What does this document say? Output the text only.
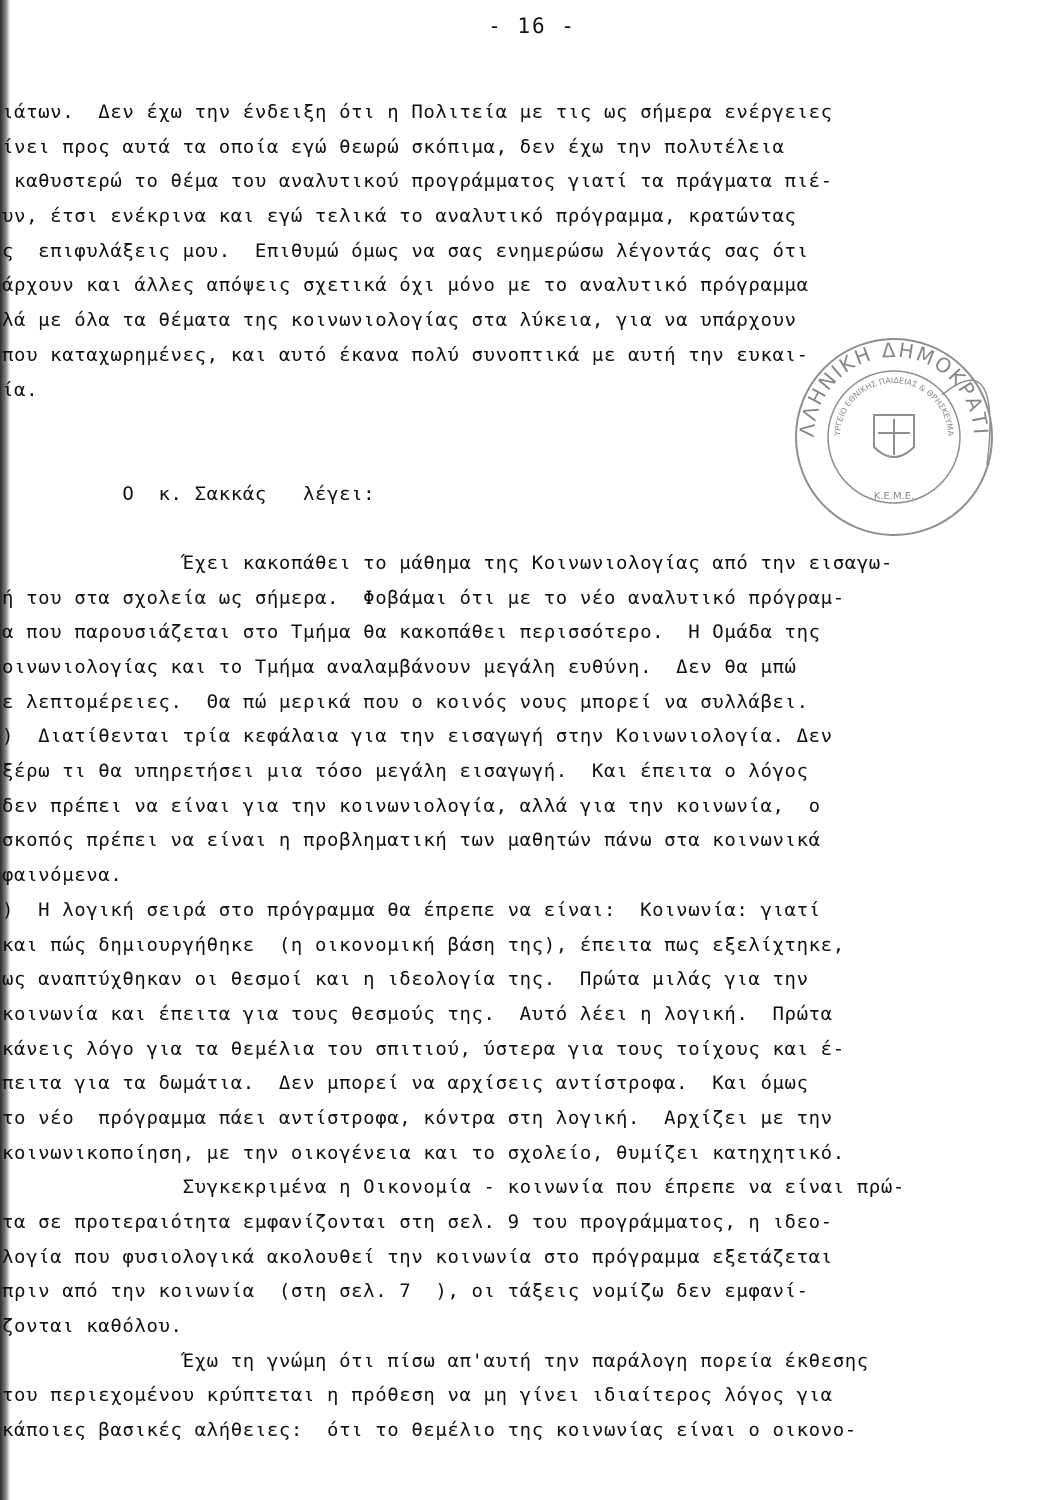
- 16 -
ΛΛΗΝΙΚΗ ΔΗΜΟΚΡΑΤΙ
ΥΡΓΕΙΟ ΕΘΝΙΚΗΣ ΠΑΙΔΕΙΑΣ & ΘΡΗΣΚΕΥΜΑ
Κ.Ε.Μ.Ε.
ιάτων.  Δεν έχω την ένδειξη ότι η Πολιτεία με τις ως σήμερα ενέργειες
ίνει προς αυτά τα οποία εγώ θεωρώ σκόπιμα, δεν έχω την πολυτέλεια
καθυστερώ το θέμα του αναλυτικού προγράμματος γιατί τα πράγματα πιέ-
υν, έτσι ενέκρινα και εγώ τελικά το αναλυτικό πρόγραμμα, κρατώντας
ς  επιφυλάξεις μου.  Επιθυμώ όμως να σας ενημερώσω λέγοντάς σας ότι
άρχουν και άλλες απόψεις σχετικά όχι μόνο με το αναλυτικό πρόγραμμα
λά με όλα τα θέματα της κοινωνιολογίας στα λύκεια, για να υπάρχουν
που καταχωρημένες, και αυτό έκανα πολύ συνοπτικά με αυτή την ευκαι-
ία.
Ο  κ. Σακκάς   λέγει:
Έχει κακοπάθει το μάθημα της Κοινωνιολογίας από την εισαγω-
ή του στα σχολεία ως σήμερα.  Φοβάμαι ότι με το νέο αναλυτικό πρόγραμ-
α που παρουσιάζεται στο Τμήμα θα κακοπάθει περισσότερο.  Η Ομάδα της
οινωνιολογίας και το Τμήμα αναλαμβάνουν μεγάλη ευθύνη.  Δεν θα μπώ
ε λεπτομέρειες.  Θα πώ μερικά που ο κοινός νους μπορεί να συλλάβει.
)  Διατίθενται τρία κεφάλαια για την εισαγωγή στην Κοινωνιολογία. Δεν
ξέρω τι θα υπηρετήσει μια τόσο μεγάλη εισαγωγή.  Και έπειτα ο λόγος
δεν πρέπει να είναι για την κοινωνιολογία, αλλά για την κοινωνία,  ο
σκοπός πρέπει να είναι η προβληματική των μαθητών πάνω στα κοινωνικά
φαινόμενα.
)  Η λογική σειρά στο πρόγραμμα θα έπρεπε να είναι:  Κοινωνία: γιατί
και πώς δημιουργήθηκε  (η οικονομική βάση της), έπειτα πως εξελίχτηκε,
ως αναπτύχθηκαν οι θεσμοί και η ιδεολογία της.  Πρώτα μιλάς για την
κοινωνία και έπειτα για τους θεσμούς της.  Αυτό λέει η λογική.  Πρώτα
κάνεις λόγο για τα θεμέλια του σπιτιού, ύστερα για τους τοίχους και έ-
πειτα για τα δωμάτια.  Δεν μπορεί να αρχίσεις αντίστροφα.  Και όμως
το νέο  πρόγραμμα πάει αντίστροφα, κόντρα στη λογική.  Αρχίζει με την
κοινωνικοποίηση, με την οικογένεια και το σχολείο, θυμίζει κατηχητικό.
Συγκεκριμένα η Οικονομία - κοινωνία που έπρεπε να είναι πρώ-
τα σε προτεραιότητα εμφανίζονται στη σελ. 9 του προγράμματος, η ιδεο-
λογία που φυσιολογικά ακολουθεί την κοινωνία στο πρόγραμμα εξετάζεται
πριν από την κοινωνία  (στη σελ. 7  ), οι τάξεις νομίζω δεν εμφανί-
ζονται καθόλου.
Έχω τη γνώμη ότι πίσω απ'αυτή την παράλογη πορεία έκθεσης
του περιεχομένου κρύπτεται η πρόθεση να μη γίνει ιδιαίτερος λόγος για
κάποιες βασικές αλήθειες:  ότι το θεμέλιο της κοινωνίας είναι ο οικονο-
